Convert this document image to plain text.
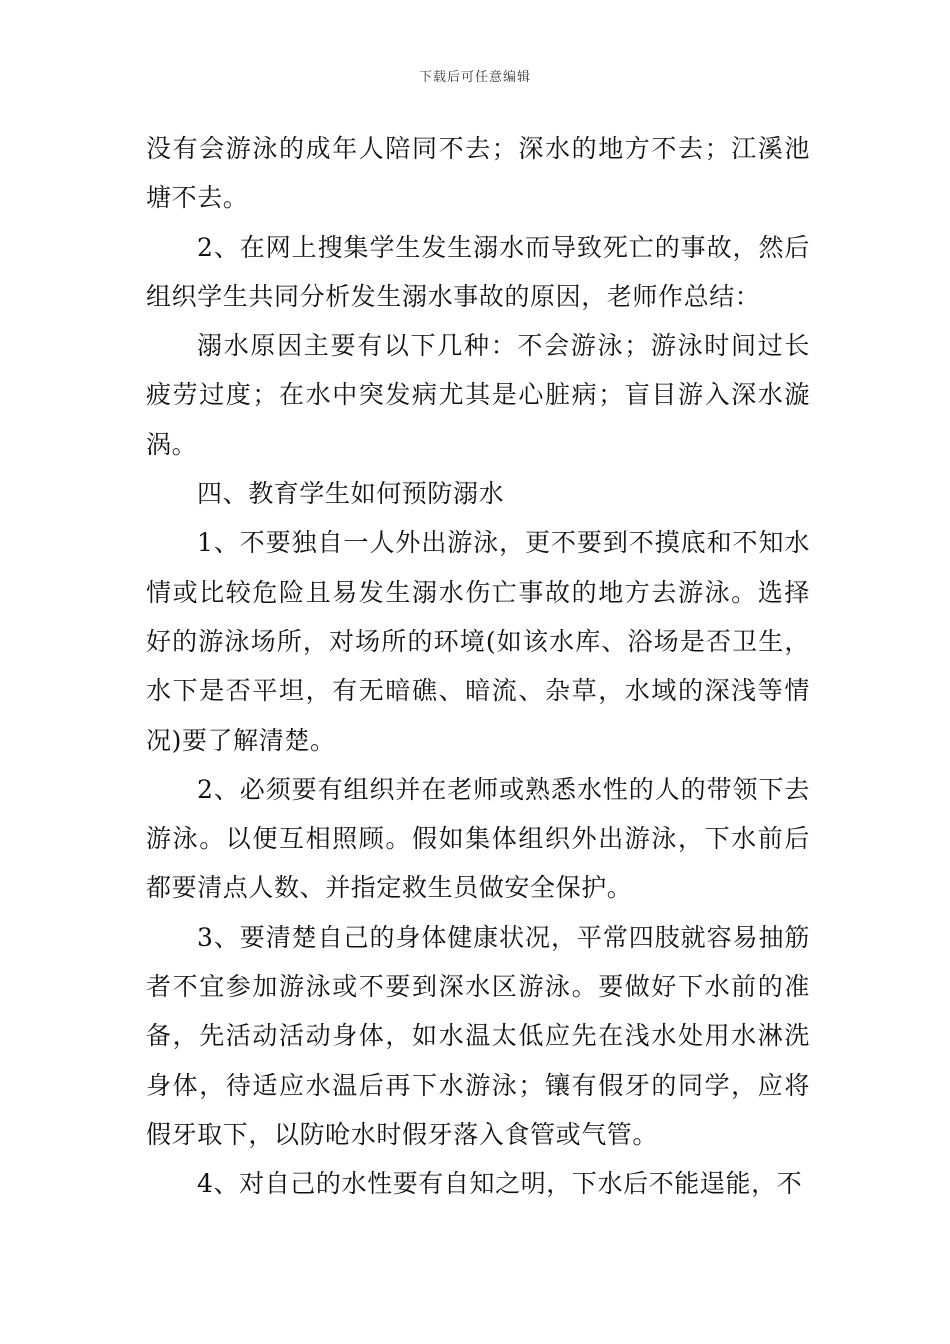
下载后可任意编辑

没有会游泳的成年人陪同不去；深水的地方不去；江溪池塘不去。

2、在网上搜集学生发生溺水而导致死亡的事故，然后组织学生共同分析发生溺水事故的原因，老师作总结：

溺水原因主要有以下几种：不会游泳；游泳时间过长疲劳过度；在水中突发病尤其是心脏病；盲目游入深水漩涡。

四、教育学生如何预防溺水

1、不要独自一人外出游泳，更不要到不摸底和不知水情或比较危险且易发生溺水伤亡事故的地方去游泳。选择好的游泳场所，对场所的环境(如该水库、浴场是否卫生，水下是否平坦，有无暗礁、暗流、杂草，水域的深浅等情况)要了解清楚。

2、必须要有组织并在老师或熟悉水性的人的带领下去游泳。以便互相照顾。假如集体组织外出游泳，下水前后都要清点人数、并指定救生员做安全保护。

3、要清楚自己的身体健康状况，平常四肢就容易抽筋者不宜参加游泳或不要到深水区游泳。要做好下水前的准备，先活动活动身体，如水温太低应先在浅水处用水淋洗身体，待适应水温后再下水游泳；镶有假牙的同学，应将假牙取下，以防呛水时假牙落入食管或气管。

4、对自己的水性要有自知之明，下水后不能逞能，不
